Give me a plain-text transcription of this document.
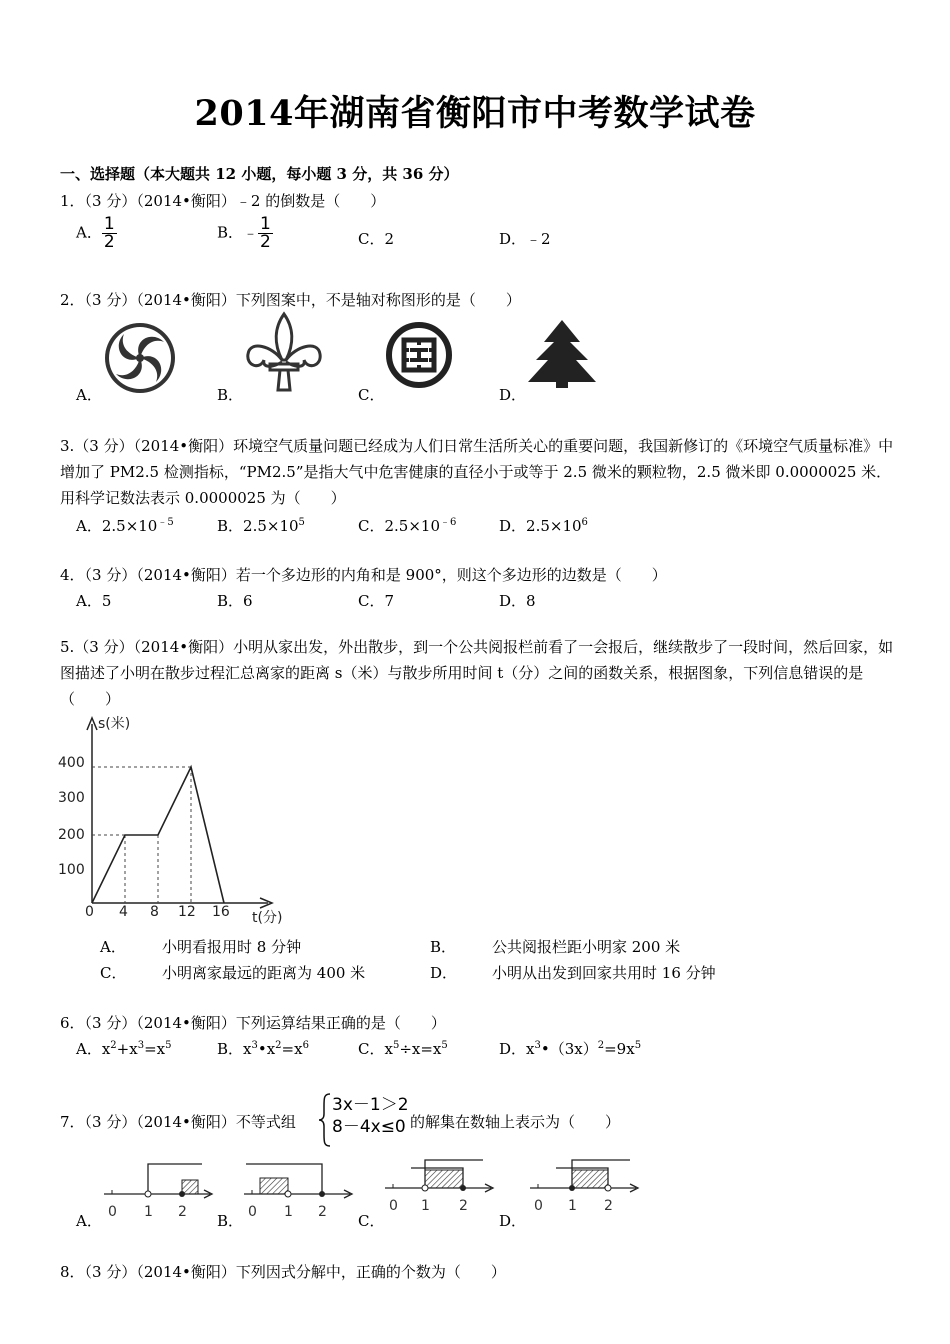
2014年湖南省衡阳市中考数学试卷
一、选择题（本大题共 12 小题，每小题 3 分，共 36 分）
1．（3 分）（2014•衡阳）﹣2 的倒数是（　　）
A． $\frac{1}{2}$	B．﹣ $\frac{1}{2}$	C．2	D．﹣2
2．（3 分）（2014•衡阳）下列图案中，不是轴对称图形的是（　　）
A．	B．	C．	D．
3.（3 分）（2014•衡阳）环境空气质量问题已经成为人们日常生活所关心的重要问题，我国新修订的《环境空气质量标准》中增加了 PM2.5 检测指标，“PM2.5”是指大气中危害健康的直径小于或等于 2.5 微米的颗粒物，2.5 微米即 0.0000025 米．用科学记数法表示 0.0000025 为（　　）
A．$2.5\times 10^{﹣5}$	B．$2.5\times 10^5$	C．$2.5\times 10^{﹣6}$	D．$2.5\times 10^6$
4．（3 分）（2014•衡阳）若一个多边形的内角和是 900°，则这个多边形的边数是（　　）
A．5	B．6	C．7	D．8
5.（3 分）（2014•衡阳）小明从家出发，外出散步，到一个公共阅报栏前看了一会报后，继续散步了一段时间，然后回家，如图描述了小明在散步过程汇总离家的距离 s（米）与散步所用时间 t（分）之间的函数关系，根据图象，下列信息错误的是（　　）
s(米)
t(分)
400
300
200
100
0 4 8 12 16
A． 小明看报用时 8 分钟	B． 公共阅报栏距小明家 200 米
C． 小明离家最远的距离为 400 米	D． 小明从出发到回家共用时 16 分钟
6．（3 分）（2014•衡阳）下列运算结果正确的是（　　）
A．$x^2+x^3=x^5$	B．$x^3•x^2=x^6$	C．$x^5\div x=x^5$	D．$x^3•(3x)^2=9x^5$
7．（3 分）（2014•衡阳）不等式组
3x－1＞2
8－4x≤0 的解集在数轴上表示为（　　）
A．	B．	C．	D．
0 1 2	0 1 2	0 1 2	0 1 2
8．（3 分）（2014•衡阳）下列因式分解中，正确的个数为（　　）
